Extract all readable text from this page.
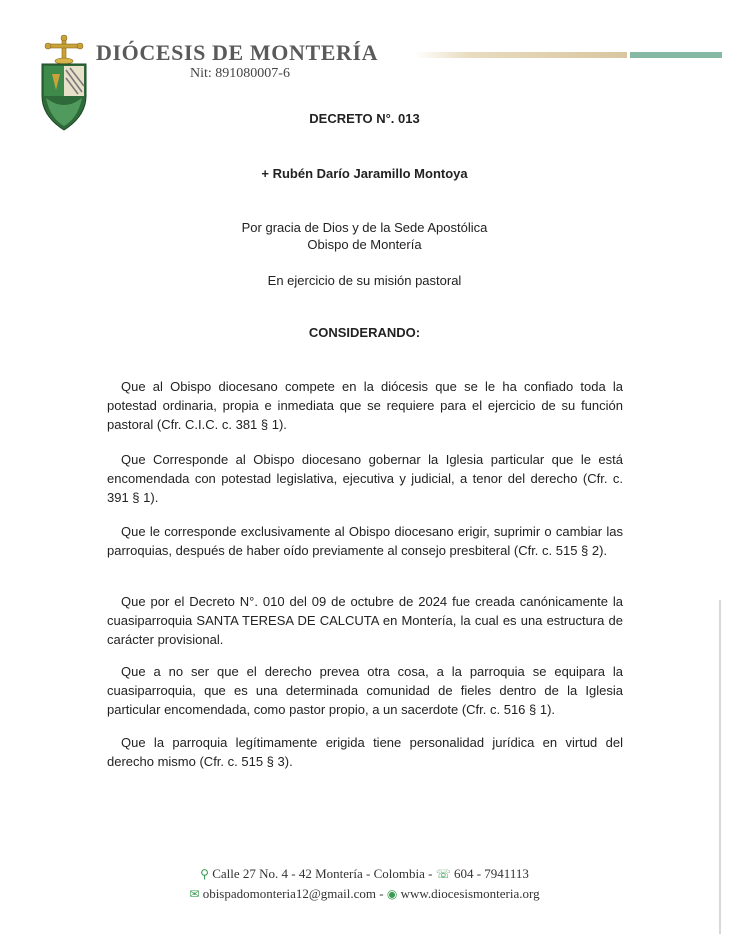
DIÓCESIS DE MONTERÍA
Nit: 891080007-6
DECRETO N°. 013
+ Rubén Darío Jaramillo Montoya
Por gracia de Dios y de la Sede Apostólica
Obispo de Montería
En ejercicio de su misión pastoral
CONSIDERANDO:
Que al Obispo diocesano compete en la diócesis que se le ha confiado toda la potestad ordinaria, propia e inmediata que se requiere para el ejercicio de su función pastoral (Cfr. C.I.C. c. 381 § 1).
Que Corresponde al Obispo diocesano gobernar la Iglesia particular que le está encomendada con potestad legislativa, ejecutiva y judicial, a tenor del derecho (Cfr. c. 391 § 1).
Que le corresponde exclusivamente al Obispo diocesano erigir, suprimir o cambiar las parroquias, después de haber oído previamente al consejo presbiteral (Cfr. c. 515 § 2).
Que por el Decreto N°. 010 del 09 de octubre de 2024 fue creada canónicamente la cuasiparroquia SANTA TERESA DE CALCUTA en Montería, la cual es una estructura de carácter provisional.
Que a no ser que el derecho prevea otra cosa, a la parroquia se equipara la cuasiparroquia, que es una determinada comunidad de fieles dentro de la Iglesia particular encomendada, como pastor propio, a un sacerdote (Cfr. c. 516 § 1).
Que la parroquia legítimamente erigida tiene personalidad jurídica en virtud del derecho mismo (Cfr. c. 515 § 3).
⚲ Calle 27 No. 4 - 42 Montería - Colombia - ☏ 604 - 7941113
✉ obispadomonteria12@gmail.com - ◉ www.diocesismonteria.org
